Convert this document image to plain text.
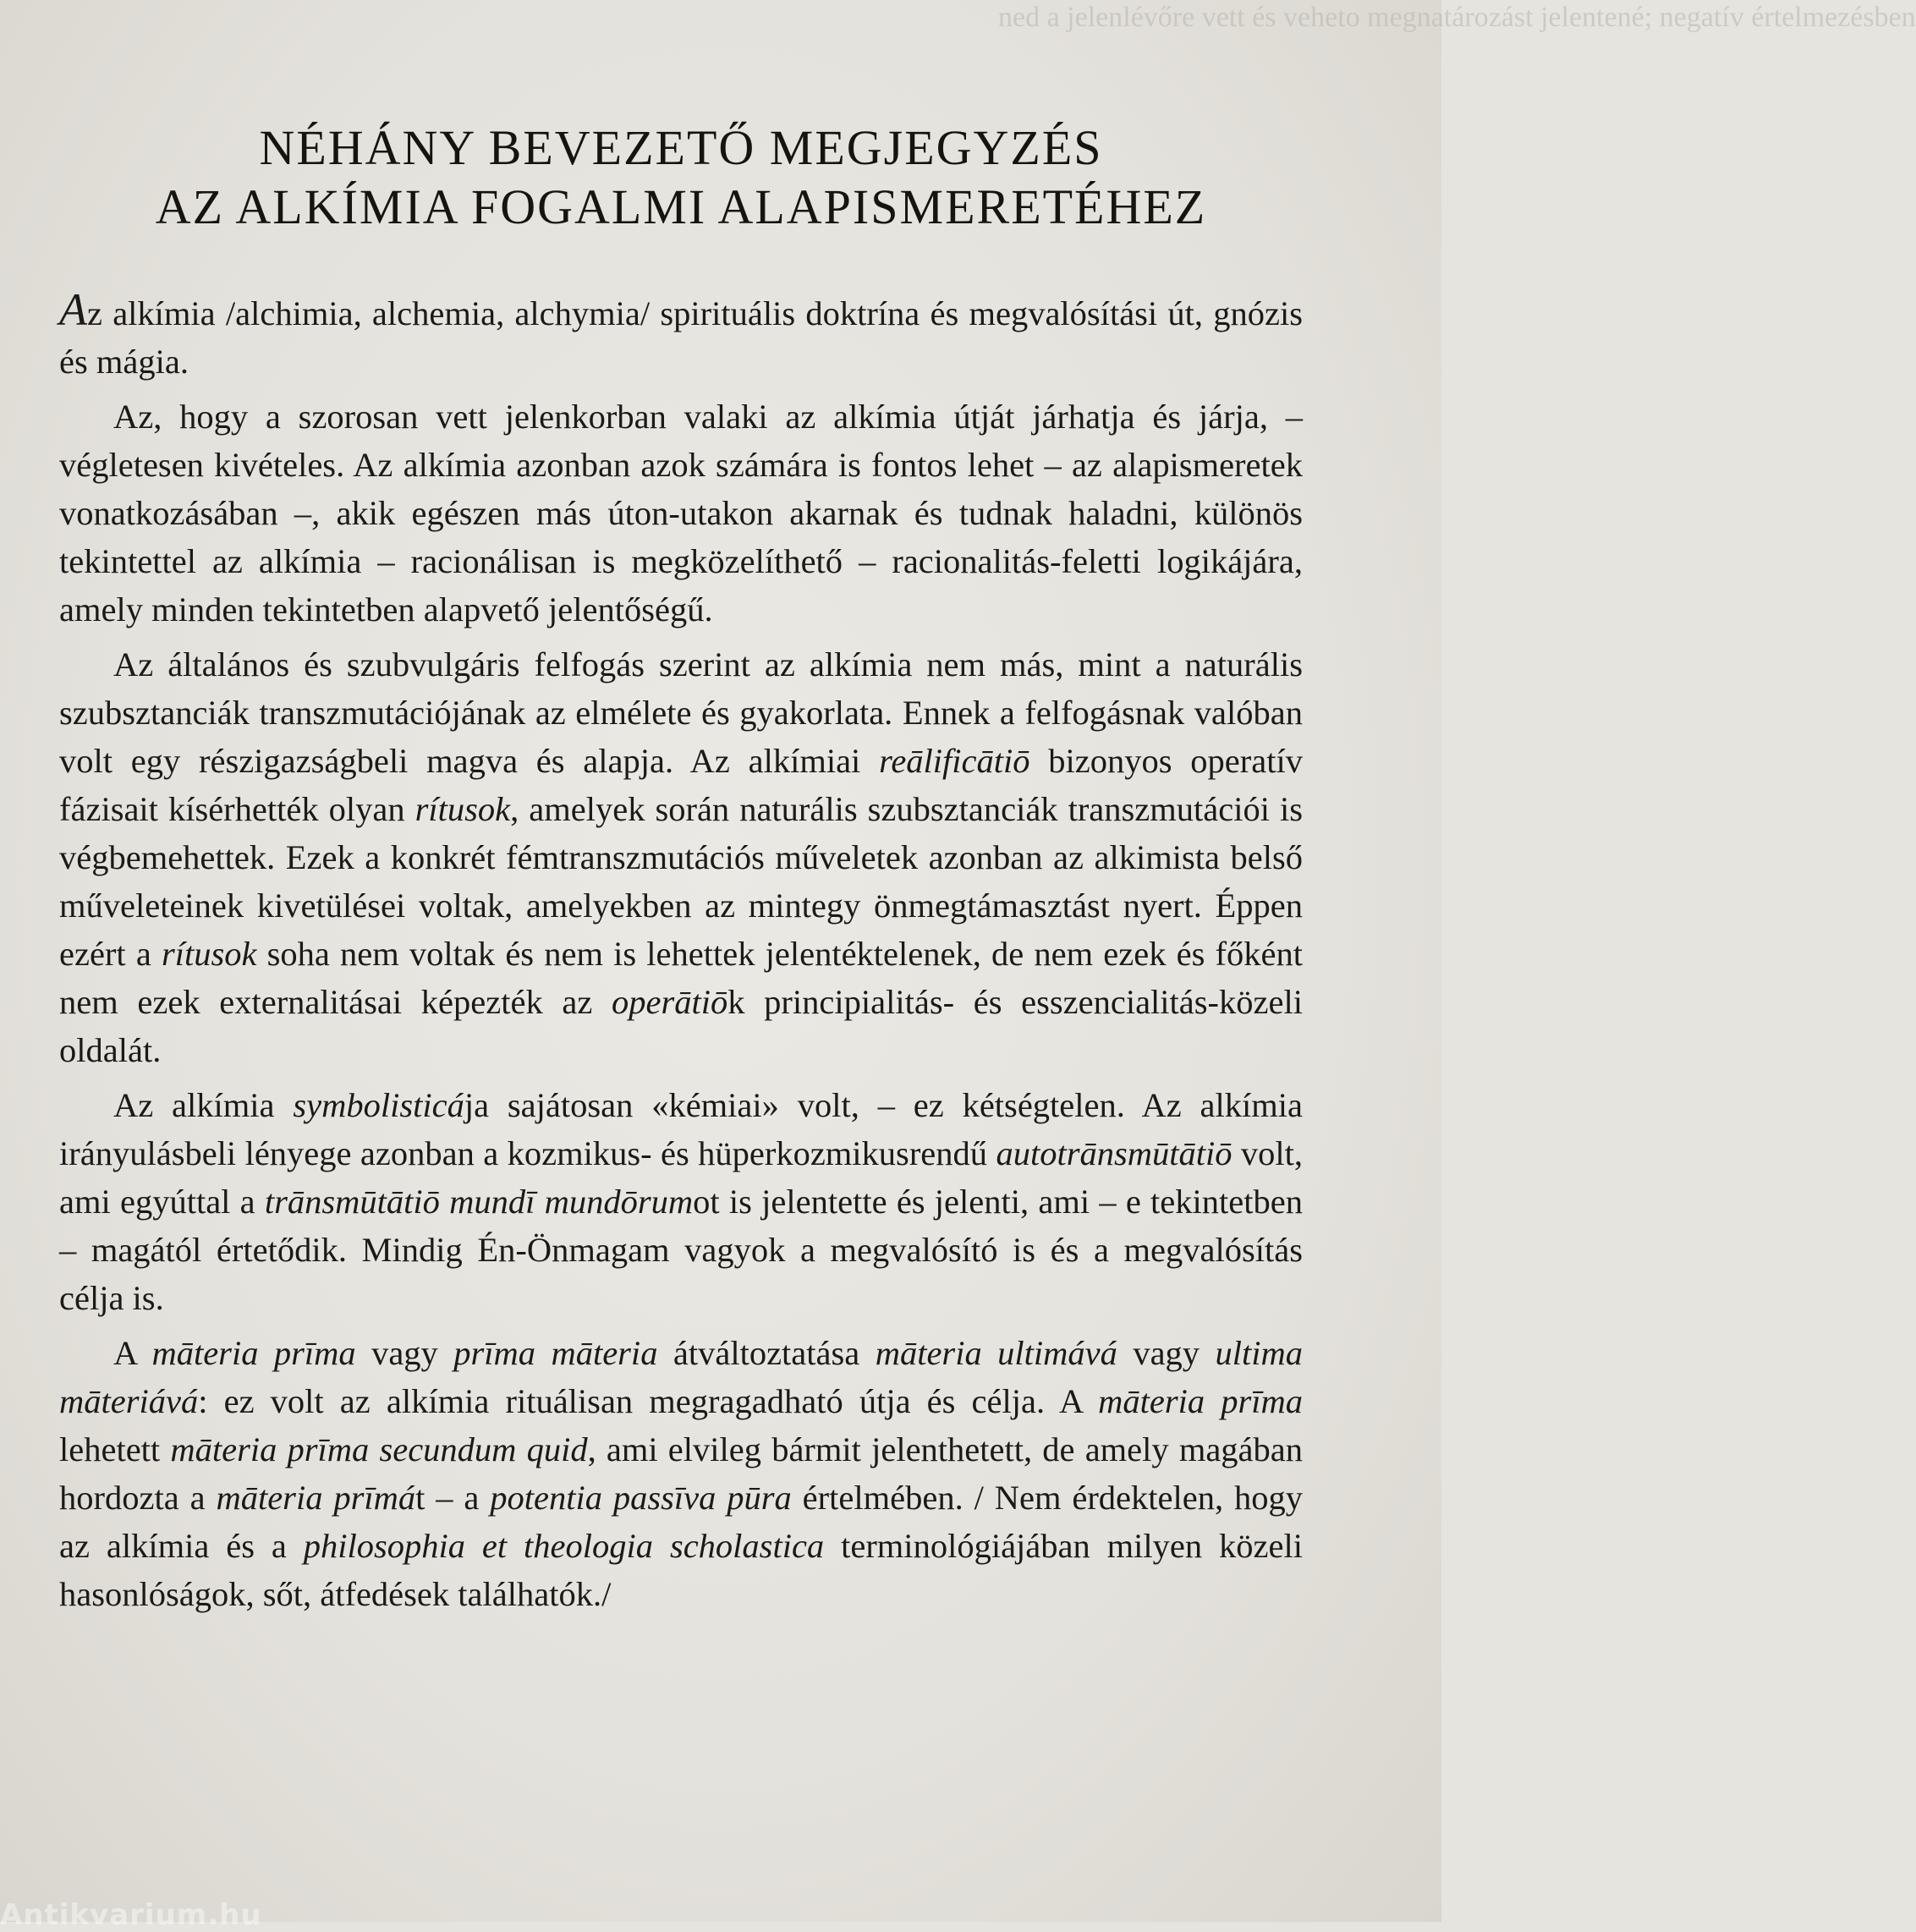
ned a jelenlévőre vett és veheto megnatározást jelentené; negatív értelmezésben
NÉHÁNY BEVEZETŐ MEGJEGYZÉS
AZ ALKÍMIA FOGALMI ALAPISMERETÉHEZ

Az alkímia /alchimia, alchemia, alchymia/ spirituális doktrína és megvalósítási út, gnózis és mágia.

Az, hogy a szorosan vett jelenkorban valaki az alkímia útját járhatja és járja, – végletesen kivételes. Az alkímia azonban azok számára is fontos lehet – az alapismeretek vonatkozásában –, akik egészen más úton-utakon akarnak és tudnak haladni, különös tekintettel az alkímia – racionálisan is megközelíthető – racionalitás-feletti logikájára, amely minden tekintetben alapvető jelentőségű.

Az általános és szubvulgáris felfogás szerint az alkímia nem más, mint a naturális szubsztanciák transzmutációjának az elmélete és gyakorlata. Ennek a felfogásnak valóban volt egy részigazságbeli magva és alapja. Az alkímiai reālificātiō bizonyos operatív fázisait kísérhették olyan rítusok, amelyek során naturális szubsztanciák transzmutációi is végbemehettek. Ezek a konkrét fémtranszmutációs műveletek azonban az alkimista belső műveleteinek kivetülései voltak, amelyekben az mintegy önmegtámasztást nyert. Éppen ezért a rítusok soha nem voltak és nem is lehettek jelentéktelenek, de nem ezek és főként nem ezek externalitásai képezték az operātiōk principialitás- és esszencialitás-közeli oldalát.

Az alkímia symbolisticája sajátosan «kémiai» volt, – ez kétségtelen. Az alkímia irányulásbeli lényege azonban a kozmikus- és hüperkozmikusrendű autotrānsmūtātiō volt, ami egyúttal a trānsmūtātiō mundī mundōrumot is jelentette és jelenti, ami – e tekintetben – magától értetődik. Mindig Én-Önmagam vagyok a megvalósító is és a megvalósítás célja is.

A māteria prīma vagy prīma māteria átváltoztatása māteria ultimává vagy ultima māteriává: ez volt az alkímia rituálisan megragadható útja és célja. A māteria prīma lehetett māteria prīma secundum quid, ami elvileg bármit jelenthetett, de amely magában hordozta a māteria prīmát – a potentia passīva pūra értelmében. / Nem érdektelen, hogy az alkímia és a philosophia et theologia scholastica terminológiájában milyen közeli hasonlóságok, sőt, átfedések találhatók./

Antikvarium.hu
